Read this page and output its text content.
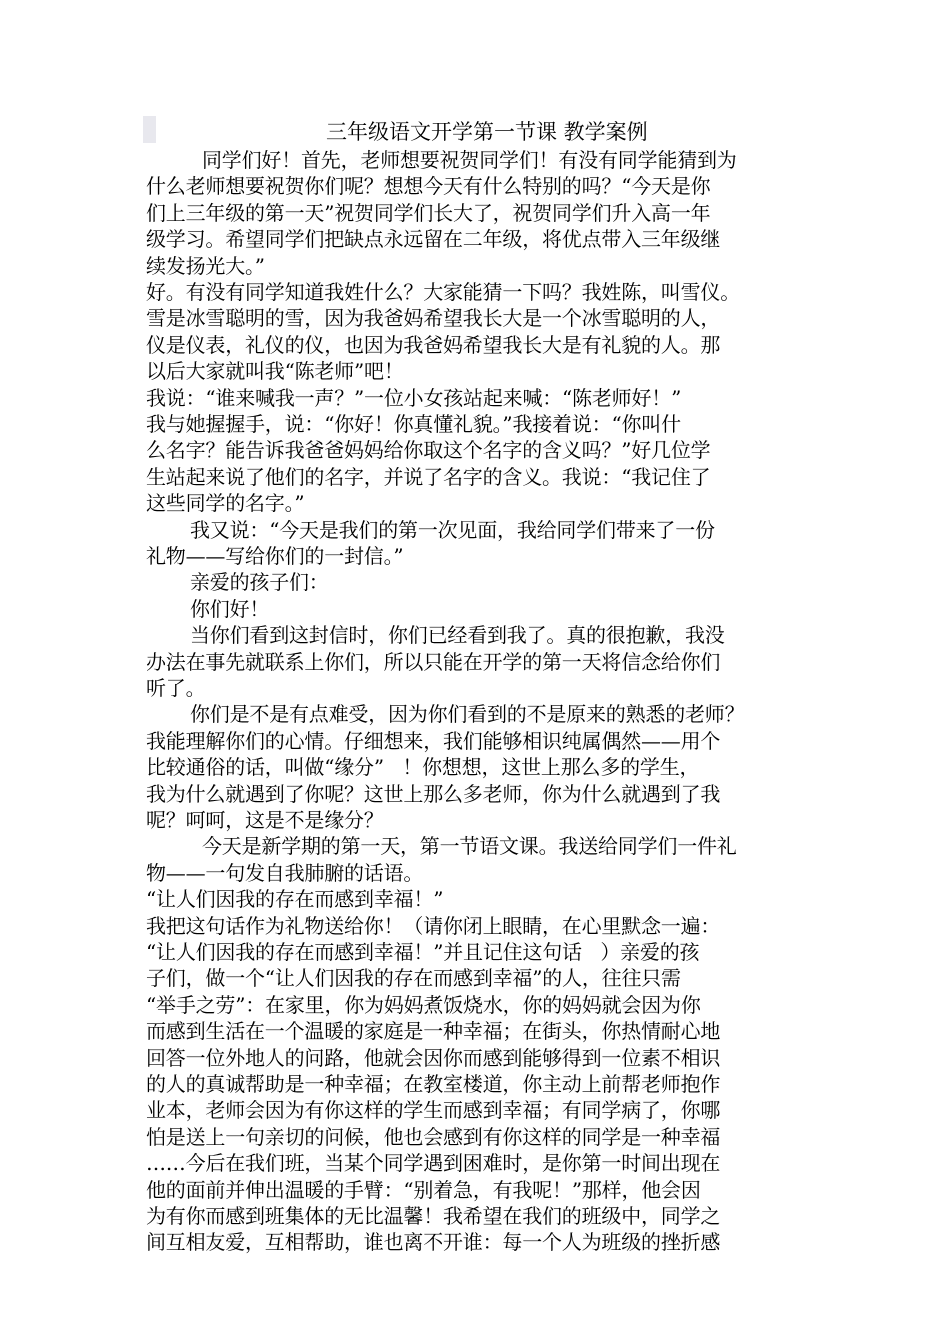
三年级语文开学第一节课 教学案例
同学们好！首先，老师想要祝贺同学们！有没有同学能猜到为
什么老师想要祝贺你们呢？想想今天有什么特别的吗？“今天是你
们上三年级的第一天”祝贺同学们长大了，祝贺同学们升入高一年
级学习。希望同学们把缺点永远留在二年级，将优点带入三年级继
续发扬光大。”
好。有没有同学知道我姓什么？大家能猜一下吗？我姓陈，叫雪仪。
雪是冰雪聪明的雪，因为我爸妈希望我长大是一个冰雪聪明的人，
仪是仪表，礼仪的仪，也因为我爸妈希望我长大是有礼貌的人。那
以后大家就叫我“陈老师”吧！
我说：“谁来喊我一声？”一位小女孩站起来喊：“陈老师好！”
我与她握握手，说：“你好！你真懂礼貌。”我接着说：“你叫什
么名字？能告诉我爸爸妈妈给你取这个名字的含义吗？”好几位学
生站起来说了他们的名字，并说了名字的含义。我说：“我记住了
这些同学的名字。”
我又说：“今天是我们的第一次见面，我给同学们带来了一份
礼物——写给你们的一封信。”
亲爱的孩子们：
你们好！
当你们看到这封信时，你们已经看到我了。真的很抱歉，我没
办法在事先就联系上你们，所以只能在开学的第一天将信念给你们
听了。
你们是不是有点难受，因为你们看到的不是原来的熟悉的老师？
我能理解你们的心情。仔细想来，我们能够相识纯属偶然——用个
比较通俗的话，叫做“缘分”   ！你想想，这世上那么多的学生，
我为什么就遇到了你呢？这世上那么多老师，你为什么就遇到了我
呢？呵呵，这是不是缘分？
今天是新学期的第一天，第一节语文课。我送给同学们一件礼
物——一句发自我肺腑的话语。
“让人们因我的存在而感到幸福！”
我把这句话作为礼物送给你！（请你闭上眼睛，在心里默念一遍：
“让人们因我的存在而感到幸福！”并且记住这句话   ）亲爱的孩
子们，做一个“让人们因我的存在而感到幸福”的人，往往只需
“举手之劳”：在家里，你为妈妈煮饭烧水，你的妈妈就会因为你
而感到生活在一个温暖的家庭是一种幸福；在街头，你热情耐心地
回答一位外地人的问路，他就会因你而感到能够得到一位素不相识
的人的真诚帮助是一种幸福；在教室楼道，你主动上前帮老师抱作
业本，老师会因为有你这样的学生而感到幸福；有同学病了，你哪
怕是送上一句亲切的问候，他也会感到有你这样的同学是一种幸福
……今后在我们班，当某个同学遇到困难时，是你第一时间出现在
他的面前并伸出温暖的手臂：“别着急，有我呢！”那样，他会因
为有你而感到班集体的无比温馨！我希望在我们的班级中，同学之
间互相友爱，互相帮助，谁也离不开谁：每一个人为班级的挫折感
